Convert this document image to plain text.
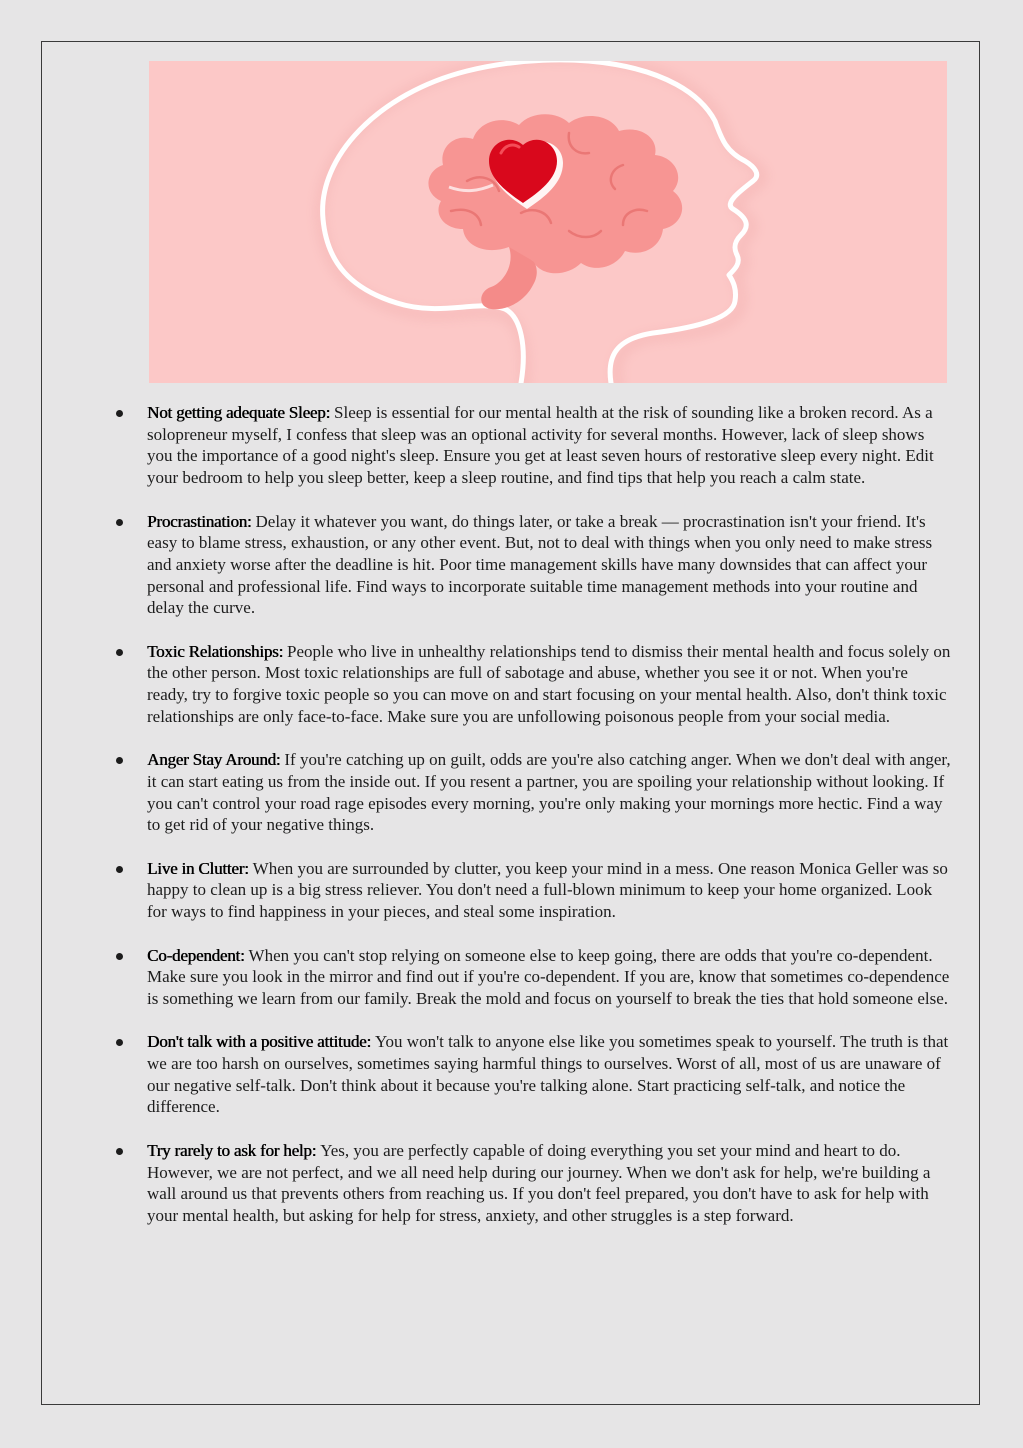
Not getting adequate Sleep: Sleep is essential for our mental health at the risk of sounding like a broken record. As a solopreneur myself, I confess that sleep was an optional activity for several months. However, lack of sleep shows you the importance of a good night's sleep. Ensure you get at least seven hours of restorative sleep every night. Edit your bedroom to help you sleep better, keep a sleep routine, and find tips that help you reach a calm state.
Procrastination: Delay it whatever you want, do things later, or take a break — procrastination isn't your friend. It's easy to blame stress, exhaustion, or any other event. But, not to deal with things when you only need to make stress and anxiety worse after the deadline is hit. Poor time management skills have many downsides that can affect your personal and professional life. Find ways to incorporate suitable time management methods into your routine and delay the curve.
Toxic Relationships: People who live in unhealthy relationships tend to dismiss their mental health and focus solely on the other person. Most toxic relationships are full of sabotage and abuse, whether you see it or not. When you're ready, try to forgive toxic people so you can move on and start focusing on your mental health. Also, don't think toxic relationships are only face-to-face. Make sure you are unfollowing poisonous people from your social media.
Anger Stay Around: If you're catching up on guilt, odds are you're also catching anger. When we don't deal with anger, it can start eating us from the inside out. If you resent a partner, you are spoiling your relationship without looking. If you can't control your road rage episodes every morning, you're only making your mornings more hectic. Find a way to get rid of your negative things.
Live in Clutter: When you are surrounded by clutter, you keep your mind in a mess. One reason Monica Geller was so happy to clean up is a big stress reliever. You don't need a full-blown minimum to keep your home organized. Look for ways to find happiness in your pieces, and steal some inspiration.
Co-dependent: When you can't stop relying on someone else to keep going, there are odds that you're co-dependent. Make sure you look in the mirror and find out if you're co-dependent. If you are, know that sometimes co-dependence is something we learn from our family. Break the mold and focus on yourself to break the ties that hold someone else.
Don't talk with a positive attitude: You won't talk to anyone else like you sometimes speak to yourself. The truth is that we are too harsh on ourselves, sometimes saying harmful things to ourselves. Worst of all, most of us are unaware of our negative self-talk. Don't think about it because you're talking alone. Start practicing self-talk, and notice the difference.
Try rarely to ask for help: Yes, you are perfectly capable of doing everything you set your mind and heart to do. However, we are not perfect, and we all need help during our journey. When we don't ask for help, we're building a wall around us that prevents others from reaching us. If you don't feel prepared, you don't have to ask for help with your mental health, but asking for help for stress, anxiety, and other struggles is a step forward.
